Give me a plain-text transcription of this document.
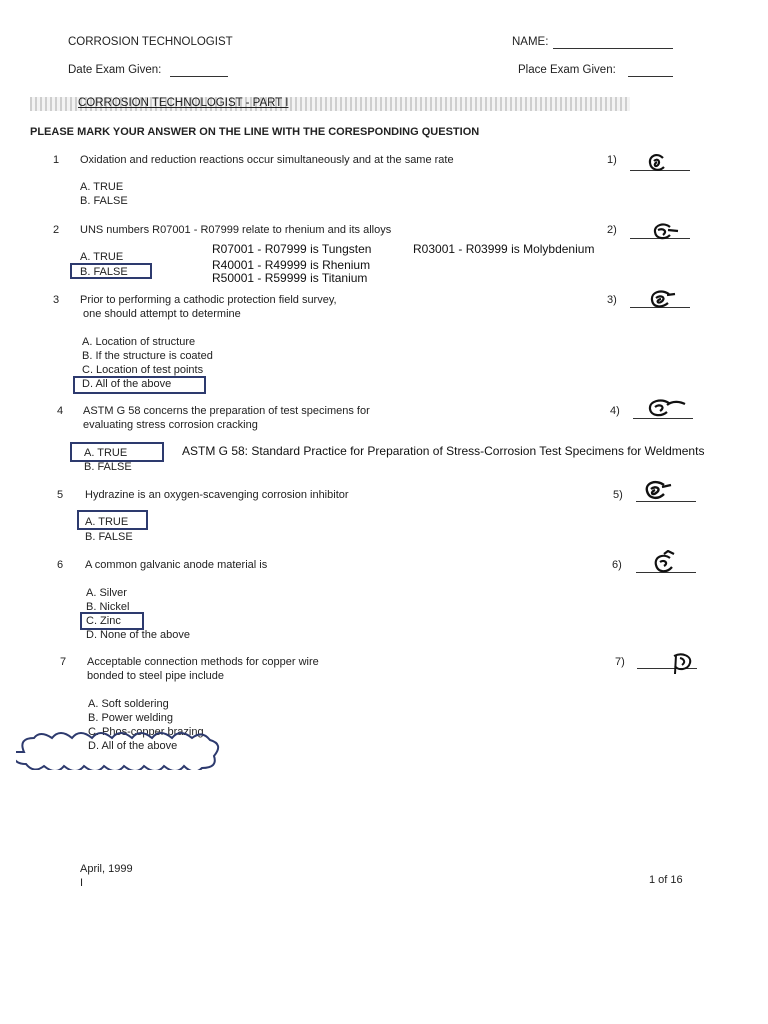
CORROSION TECHNOLOGIST	NAME:
Date Exam Given:	Place Exam Given:
CORROSION TECHNOLOGIST - PART I
PLEASE MARK YOUR ANSWER ON THE LINE WITH THE CORESPONDING QUESTION
1 Oxidation and reduction reactions occur simultaneously and at the same rate	1)
A. TRUE
B. FALSE
2 UNS numbers R07001 - R07999 relate to rhenium and its alloys	2)
A. TRUE
B. FALSE
R07001 - R07999 is Tungsten	R03001 - R03999 is Molybdenium
R40001 - R49999 is Rhenium
R50001 - R59999 is Titanium
3 Prior to performing a cathodic protection field survey,
one should attempt to determine
3)
A. Location of structure
B. If the structure is coated
C. Location of test points
D. All of the above
4 ASTM G 58 concerns the preparation of test specimens for
evaluating stress corrosion cracking
4)
A. TRUE
B. FALSE
ASTM G 58: Standard Practice for Preparation of Stress-Corrosion Test Specimens for Weldments
5 Hydrazine is an oxygen-scavenging corrosion inhibitor	5)
A. TRUE
B. FALSE
6 A common galvanic anode material is	6)
A. Silver
B. Nickel
C. Zinc
D. None of the above
7 Acceptable connection methods for copper wire
bonded to steel pipe include
7)
A. Soft soldering
B. Power welding
C. Phos-copper brazing
D. All of the above
April, 1999
I	1 of 16
